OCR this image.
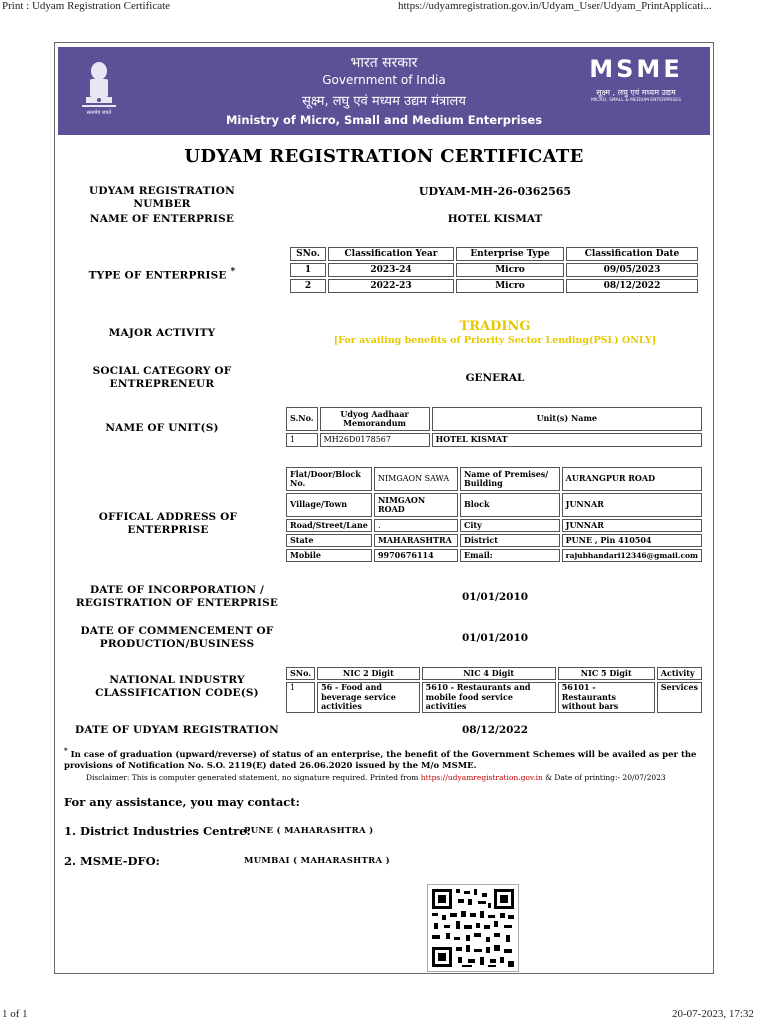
Print : Udyam Registration Certificate	https://udyamregistration.gov.in/Udyam_User/Udyam_PrintApplicati...
सत्यमेव जयते
भारत सरकार
Government of India
सूक्ष्म, लघु एवं मध्यम उद्यम मंत्रालय
Ministry of Micro, Small and Medium Enterprises
MSME
सूक्ष्म , लघु एवं मध्यम उद्यम
MICRO, SMALL & MEDIUM ENTERPRISES
UDYAM REGISTRATION CERTIFICATE
UDYAM REGISTRATION NUMBER
UDYAM-MH-26-0362565
NAME OF ENTERPRISE	HOTEL KISMAT
TYPE OF ENTERPRISE *
SNo.	Classification Year	Enterprise Type	Classification Date
1	2023-24	Micro	09/05/2023
2	2022-23	Micro	08/12/2022
MAJOR ACTIVITY	TRADING
[For availing benefits of Priority Sector Lending(PSL) ONLY]
SOCIAL CATEGORY OF
ENTREPRENEUR	GENERAL
NAME OF UNIT(S)
S.No.	Udyog Aadhaar Memorandum	Unit(s) Name
1	MH26D0178567	HOTEL KISMAT
OFFICAL ADDRESS OF ENTERPRISE
Flat/Door/Block No.	NIMGAON SAWA	Name of Premises/ Building	AURANGPUR ROAD
Village/Town	NIMGAON ROAD	Block	JUNNAR
Road/Street/Lane	.	City	JUNNAR
State	MAHARASHTRA	District	PUNE , Pin 410504
Mobile	9970676114	Email:	rajubhandari12346@gmail.com
DATE OF INCORPORATION /
REGISTRATION OF ENTERPRISE	01/01/2010
DATE OF COMMENCEMENT OF
PRODUCTION/BUSINESS	01/01/2010
NATIONAL INDUSTRY
CLASSIFICATION CODE(S)
SNo.	NIC 2 Digit	NIC 4 Digit	NIC 5 Digit	Activity
1	56 - Food and beverage service activities	5610 - Restaurants and mobile food service activities	56101 - Restaurants without bars	Services
DATE OF UDYAM REGISTRATION	08/12/2022
* In case of graduation (upward/reverse) of status of an enterprise, the benefit of the Government Schemes will be availed as per the provisions of Notification No. S.O. 2119(E) dated 26.06.2020 issued by the M/o MSME.
Disclaimer: This is computer generated statement, no signature required. Printed from https://udyamregistration.gov.in & Date of printing:- 20/07/2023
For any assistance, you may contact:
1. District Industries Centre:
PUNE ( MAHARASHTRA )
2. MSME-DFO:	MUMBAI ( MAHARASHTRA )
1 of 1	20-07-2023, 17:32
